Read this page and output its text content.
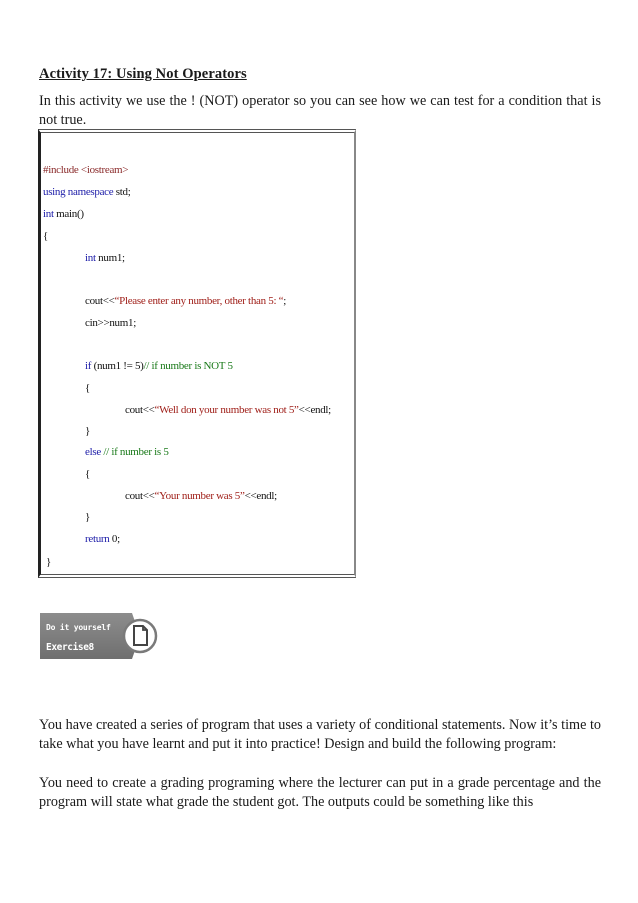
Activity 17: Using Not Operators

In this activity we use the ! (NOT) operator so you can see how we can test for a condition that is not true.

#include <iostream>
using namespace std;
int main()
{
int num1;
cout<<“Please enter any number, other than 5: “;
cin>>num1;
if (num1 != 5)// if number is NOT 5
{
cout<<“Well don your number was not 5”<<endl;
}
else // if number is 5
{
cout<<“Your number was 5”<<endl;
}
return 0;
}
Do it yourself
Exercise8

You have created a series of program that uses a variety of conditional statements. Now it’s time to take what you have learnt and put it into practice! Design and build the following program:

You need to create a grading programing where the lecturer can put in a grade percentage and the program will state what grade the student got. The outputs could be something like this
